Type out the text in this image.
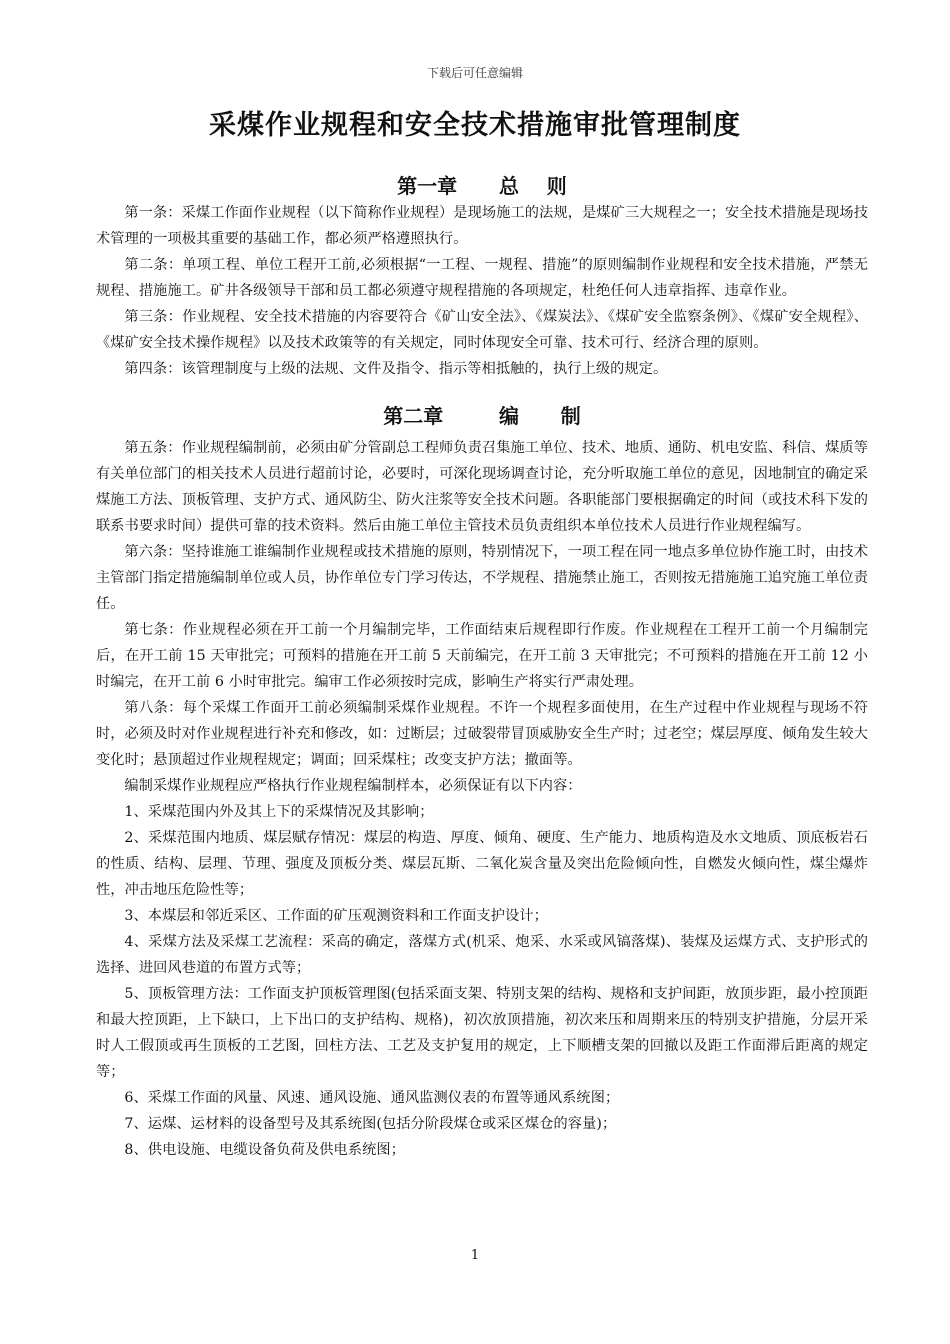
下载后可任意编辑
采煤作业规程和安全技术措施审批管理制度
第一章      总    则

第一条：采煤工作面作业规程（以下简称作业规程）是现场施工的法规，是煤矿三大规程之一；安全技术措施是现场技术管理的一项极其重要的基础工作，都必须严格遵照执行。

第二条：单项工程、单位工程开工前,必须根据“一工程、一规程、措施”的原则编制作业规程和安全技术措施，严禁无规程、措施施工。矿井各级领导干部和员工都必须遵守规程措施的各项规定，杜绝任何人违章指挥、违章作业。

第三条：作业规程、安全技术措施的内容要符合《矿山安全法》、《煤炭法》、《煤矿安全监察条例》、《煤矿安全规程》、《煤矿安全技术操作规程》以及技术政策等的有关规定，同时体现安全可靠、技术可行、经济合理的原则。

第四条：该管理制度与上级的法规、文件及指令、指示等相抵触的，执行上级的规定。

第二章        编      制

第五条：作业规程编制前，必须由矿分管副总工程师负责召集施工单位、技术、地质、通防、机电安监、科信、煤质等有关单位部门的相关技术人员进行超前讨论，必要时，可深化现场调查讨论，充分听取施工单位的意见，因地制宜的确定采煤施工方法、顶板管理、支护方式、通风防尘、防火注浆等安全技术问题。各职能部门要根据确定的时间（或技术科下发的联系书要求时间）提供可靠的技术资料。然后由施工单位主管技术员负责组织本单位技术人员进行作业规程编写。

第六条：坚持谁施工谁编制作业规程或技术措施的原则，特别情况下，一项工程在同一地点多单位协作施工时，由技术主管部门指定措施编制单位或人员，协作单位专门学习传达，不学规程、措施禁止施工，否则按无措施施工追究施工单位责任。

第七条：作业规程必须在开工前一个月编制完毕，工作面结束后规程即行作废。作业规程在工程开工前一个月编制完后，在开工前 15 天审批完；可预料的措施在开工前 5 天前编完，在开工前 3 天审批完；不可预料的措施在开工前 12 小时编完，在开工前 6 小时审批完。编审工作必须按时完成，影响生产将实行严肃处理。

第八条：每个采煤工作面开工前必须编制采煤作业规程。不许一个规程多面使用，在生产过程中作业规程与现场不符时，必须及时对作业规程进行补充和修改，如：过断层；过破裂带冒顶威胁安全生产时；过老空；煤层厚度、倾角发生较大变化时；悬顶超过作业规程规定；调面；回采煤柱；改变支护方法；撤面等。

编制采煤作业规程应严格执行作业规程编制样本，必须保证有以下内容：

1、采煤范围内外及其上下的采煤情况及其影响；

2、采煤范围内地质、煤层赋存情况：煤层的构造、厚度、倾角、硬度、生产能力、地质构造及水文地质、顶底板岩石的性质、结构、层理、节理、强度及顶板分类、煤层瓦斯、二氧化炭含量及突出危险倾向性，自燃发火倾向性，煤尘爆炸性，冲击地压危险性等；

3、本煤层和邻近采区、工作面的矿压观测资料和工作面支护设计；

4、采煤方法及采煤工艺流程：采高的确定，落煤方式(机采、炮采、水采或风镐落煤)、装煤及运煤方式、支护形式的选择、进回风巷道的布置方式等；

5、顶板管理方法：工作面支护顶板管理图(包括采面支架、特别支架的结构、规格和支护间距，放顶步距，最小控顶距和最大控顶距，上下缺口，上下出口的支护结构、规格)，初次放顶措施，初次来压和周期来压的特别支护措施，分层开采时人工假顶或再生顶板的工艺图，回柱方法、工艺及支护复用的规定，上下顺槽支架的回撤以及距工作面滞后距离的规定等；

6、采煤工作面的风量、风速、通风设施、通风监测仪表的布置等通风系统图；

7、运煤、运材料的设备型号及其系统图(包括分阶段煤仓或采区煤仓的容量)；

8、供电设施、电缆设备负荷及供电系统图；

1
